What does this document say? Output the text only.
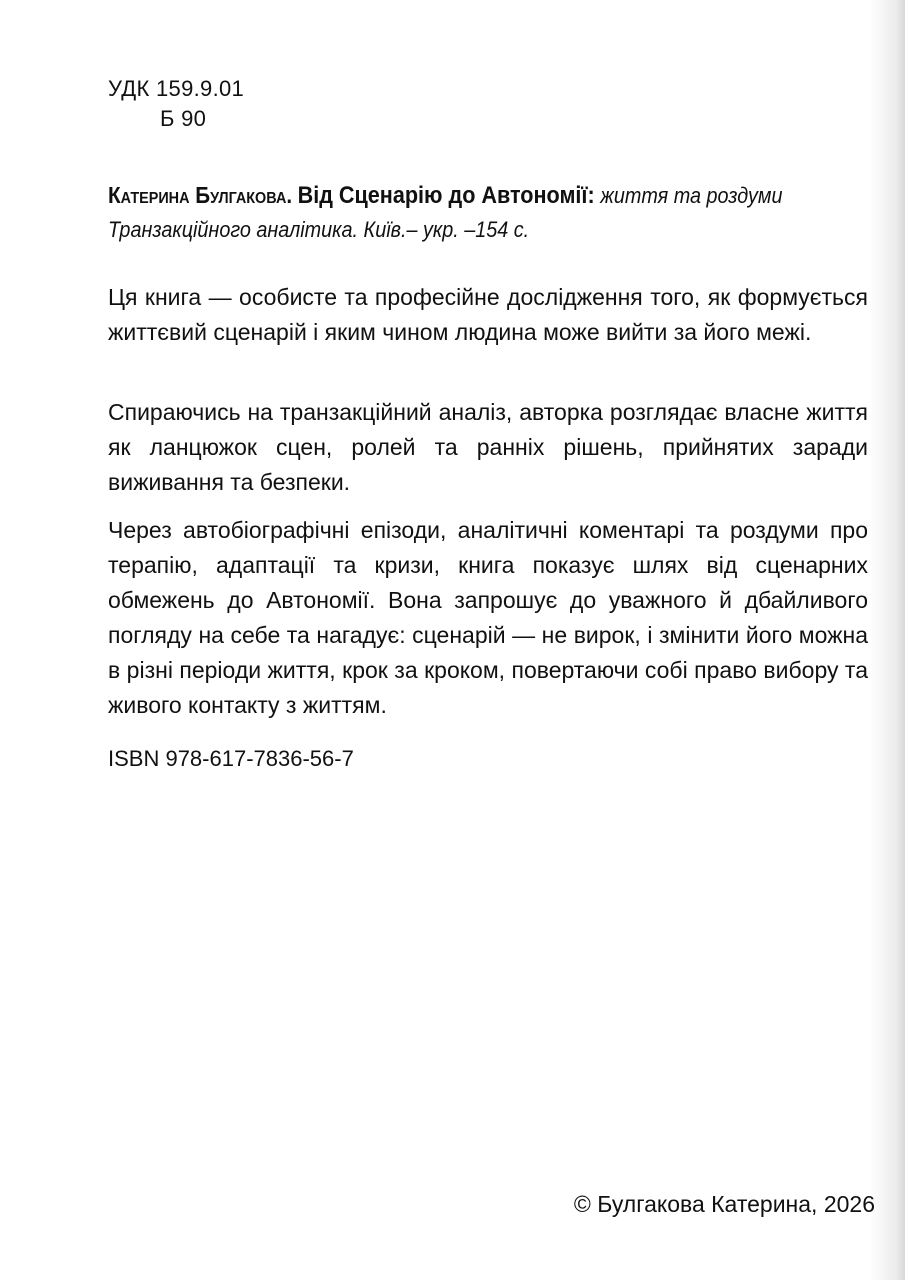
УДК 159.9.01
Б 90
Катерина Булгакова. Від Сценарію до Автономії: життя та роздуми Транзакційного аналітика. Київ.– укр. –154 с.

Ця книга — особисте та професійне дослідження того, як формується життєвий сценарій і яким чином людина може вийти за його межі.

Спираючись на транзакційний аналіз, авторка розглядає власне життя як ланцюжок сцен, ролей та ранніх рішень, прийнятих заради виживання та безпеки.

Через автобіографічні епізоди, аналітичні коментарі та роздуми про терапію, адаптації та кризи, книга показує шлях від сценарних обмежень до Автономії. Вона запрошує до уважного й дбайливого погляду на себе та нагадує: сценарій — не вирок, і змінити його можна в різні періоди життя, крок за кроком, повертаючи собі право вибору та живого контакту з життям.

ISBN 978-617-7836-56-7
© Булгакова Катерина, 2026
